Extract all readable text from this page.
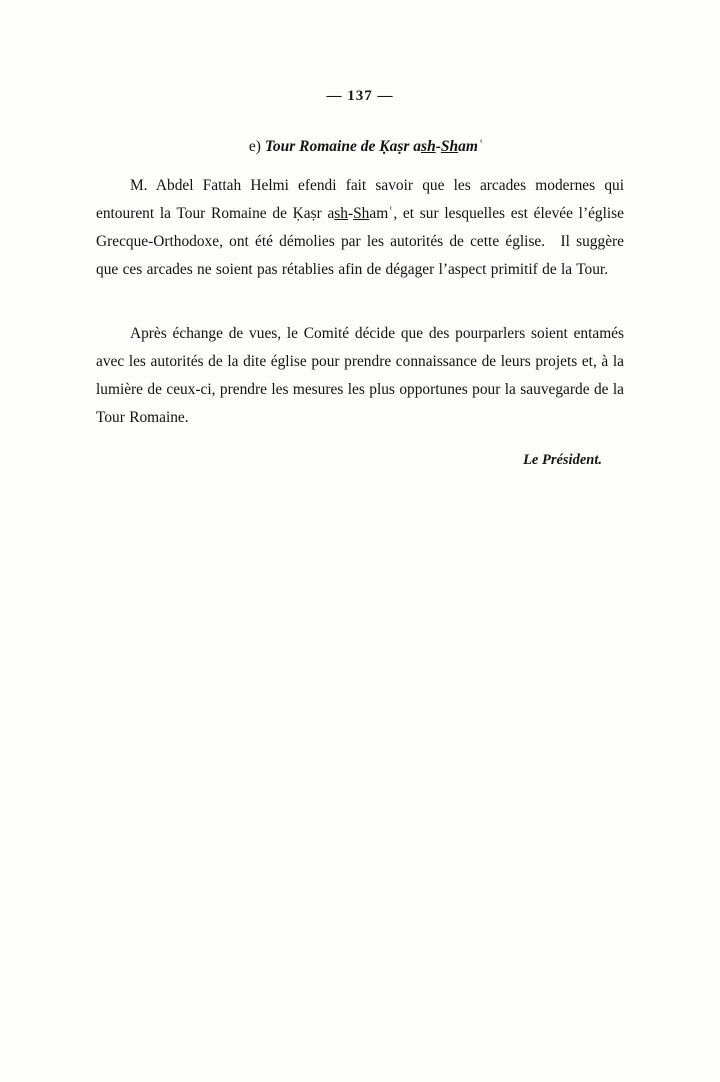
— 137 —
e) Tour Romaine de Ḳaṣr ash-Shamʿ
M. Abdel Fattah Helmi efendi fait savoir que les arcades modernes qui entourent la Tour Romaine de Ḳaṣr ash-Shamʿ, et sur lesquelles est élevée l’église Grecque-Orthodoxe, ont été démolies par les autorités de cette église. Il suggère que ces arcades ne soient pas rétablies afin de dégager l’aspect primitif de la Tour.
Après échange de vues, le Comité décide que des pourparlers soient entamés avec les autorités de la dite église pour prendre connaissance de leurs projets et, à la lumière de ceux-ci, prendre les mesures les plus opportunes pour la sauvegarde de la Tour Romaine.
Le Président.
